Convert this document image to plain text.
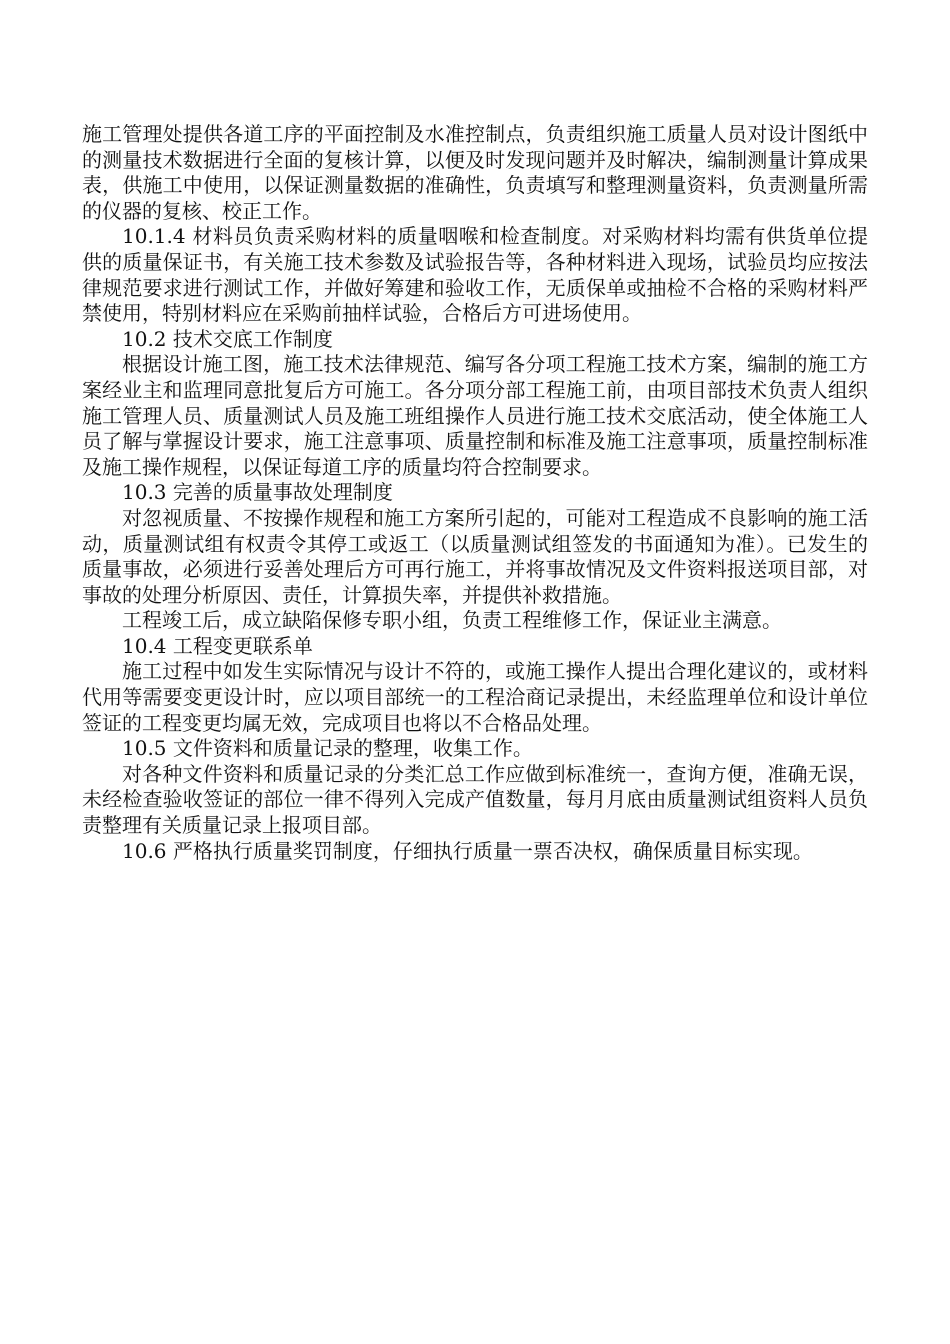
施工管理处提供各道工序的平面控制及水准控制点，负责组织施工质量人员对设计图纸中的测量技术数据进行全面的复核计算，以便及时发现问题并及时解决，编制测量计算成果表，供施工中使用，以保证测量数据的准确性，负责填写和整理测量资料，负责测量所需的仪器的复核、校正工作。

10.1.4 材料员负责采购材料的质量咽喉和检查制度。对采购材料均需有供货单位提供的质量保证书，有关施工技术参数及试验报告等，各种材料进入现场，试验员均应按法律规范要求进行测试工作，并做好筹建和验收工作，无质保单或抽检不合格的采购材料严禁使用，特别材料应在采购前抽样试验，合格后方可进场使用。

10.2 技术交底工作制度

根据设计施工图，施工技术法律规范、编写各分项工程施工技术方案，编制的施工方案经业主和监理同意批复后方可施工。各分项分部工程施工前，由项目部技术负责人组织施工管理人员、质量测试人员及施工班组操作人员进行施工技术交底活动，使全体施工人员了解与掌握设计要求，施工注意事项、质量控制和标准及施工注意事项，质量控制标准及施工操作规程，以保证每道工序的质量均符合控制要求。

10.3 完善的质量事故处理制度

对忽视质量、不按操作规程和施工方案所引起的，可能对工程造成不良影响的施工活动，质量测试组有权责令其停工或返工（以质量测试组签发的书面通知为准）。已发生的质量事故，必须进行妥善处理后方可再行施工，并将事故情况及文件资料报送项目部，对事故的处理分析原因、责任，计算损失率，并提供补救措施。

工程竣工后，成立缺陷保修专职小组，负责工程维修工作，保证业主满意。

10.4 工程变更联系单

施工过程中如发生实际情况与设计不符的，或施工操作人提出合理化建议的，或材料代用等需要变更设计时，应以项目部统一的工程洽商记录提出，未经监理单位和设计单位签证的工程变更均属无效，完成项目也将以不合格品处理。

10.5 文件资料和质量记录的整理，收集工作。

对各种文件资料和质量记录的分类汇总工作应做到标准统一，查询方便，准确无误，未经检查验收签证的部位一律不得列入完成产值数量，每月月底由质量测试组资料人员负责整理有关质量记录上报项目部。

10.6 严格执行质量奖罚制度，仔细执行质量一票否决权，确保质量目标实现。
